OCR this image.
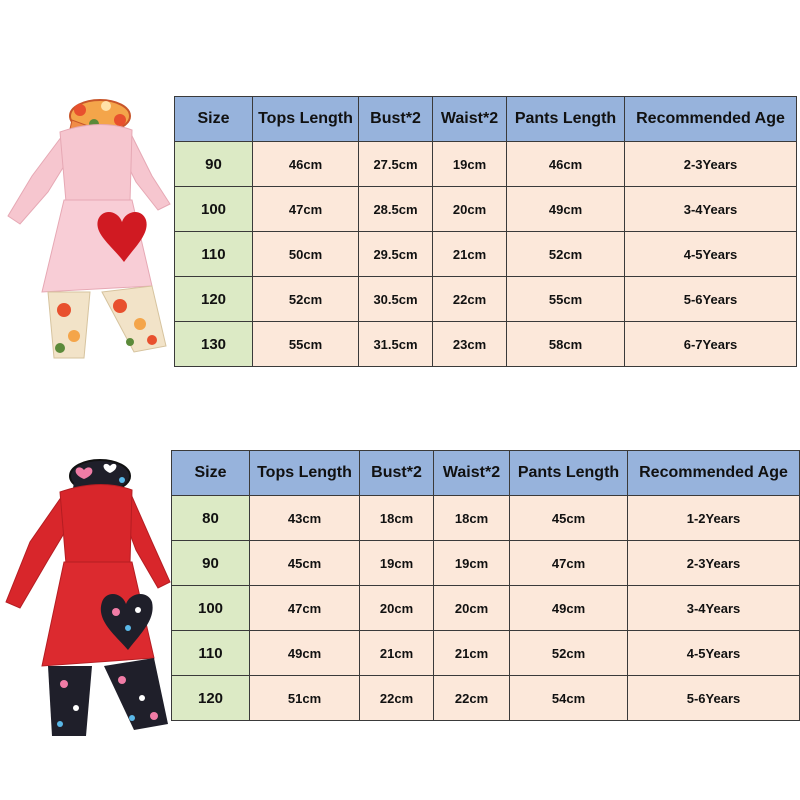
Size	Tops Length	Bust*2	Waist*2	Pants Length	Recommended Age
90	46cm	27.5cm	19cm	46cm	2-3Years
100	47cm	28.5cm	20cm	49cm	3-4Years
110	50cm	29.5cm	21cm	52cm	4-5Years
120	52cm	30.5cm	22cm	55cm	5-6Years
130	55cm	31.5cm	23cm	58cm	6-7Years
Size	Tops Length	Bust*2	Waist*2	Pants Length	Recommended Age
80	43cm	18cm	18cm	45cm	1-2Years
90	45cm	19cm	19cm	47cm	2-3Years
100	47cm	20cm	20cm	49cm	3-4Years
110	49cm	21cm	21cm	52cm	4-5Years
120	51cm	22cm	22cm	54cm	5-6Years
